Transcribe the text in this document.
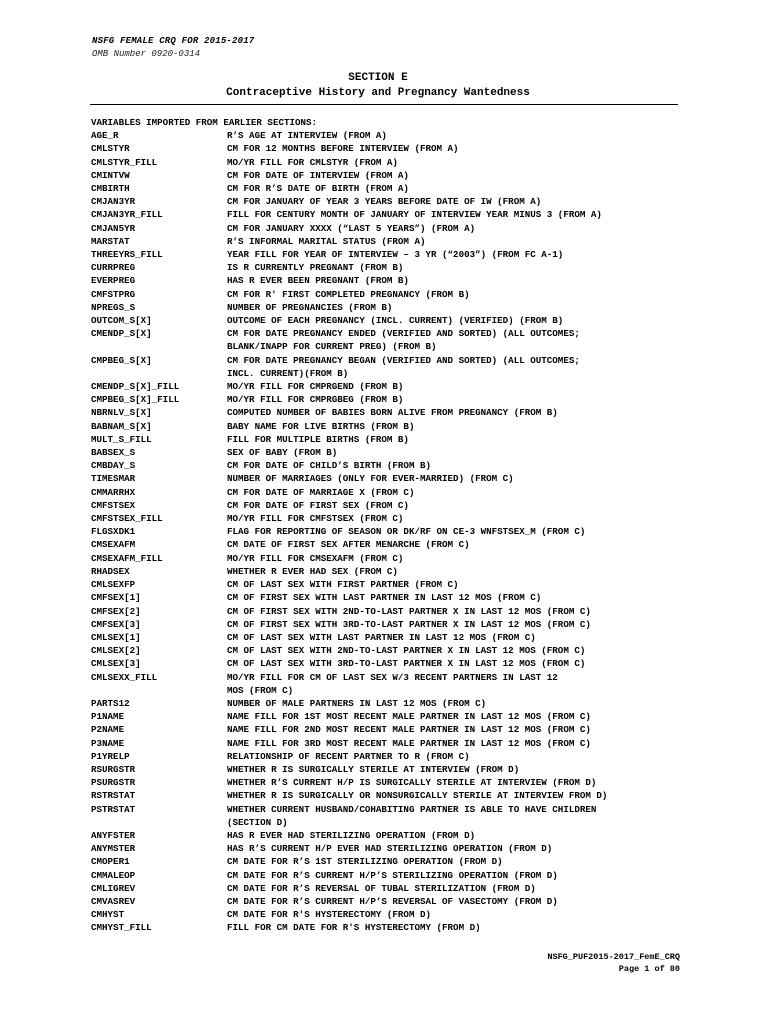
NSFG FEMALE CRQ FOR 2015-2017
OMB Number 0920-0314
SECTION E
Contraceptive History and Pregnancy Wantedness
VARIABLES IMPORTED FROM EARLIER SECTIONS:
AGE_R	R’S AGE AT INTERVIEW (FROM A)
CMLSTYR	CM FOR 12 MONTHS BEFORE INTERVIEW (FROM A)
CMLSTYR_FILL	MO/YR FILL FOR CMLSTYR (FROM A)
CMINTVW	CM FOR DATE OF INTERVIEW (FROM A)
CMBIRTH	CM FOR R’S DATE OF BIRTH (FROM A)
CMJAN3YR	CM FOR JANUARY OF YEAR 3 YEARS BEFORE DATE OF IW (FROM A)
CMJAN3YR_FILL	FILL FOR CENTURY MONTH OF JANUARY OF INTERVIEW YEAR MINUS 3 (FROM A)
CMJAN5YR	CM FOR JANUARY XXXX (“LAST 5 YEARS”) (FROM A)
MARSTAT	R’S INFORMAL MARITAL STATUS (FROM A)
THREEYRS_FILL	YEAR FILL FOR YEAR OF INTERVIEW – 3 YR (“2003”) (FROM FC A-1)
CURRPREG	IS R CURRENTLY PREGNANT (FROM B)
EVERPREG	HAS R EVER BEEN PREGNANT (FROM B)
CMFSTPRG	CM FOR R' FIRST COMPLETED PREGNANCY (FROM B)
NPREGS_S	NUMBER OF PREGNANCIES (FROM B)
OUTCOM_S[X]	OUTCOME OF EACH PREGNANCY (INCL. CURRENT) (VERIFIED) (FROM B)
CMENDP_S[X]	CM FOR DATE PREGNANCY ENDED (VERIFIED AND SORTED) (ALL OUTCOMES;
BLANK/INAPP FOR CURRENT PREG) (FROM B)
CMPBEG_S[X]	CM FOR DATE PREGNANCY BEGAN (VERIFIED AND SORTED) (ALL OUTCOMES;
INCL. CURRENT)(FROM B)
CMENDP_S[X]_FILL	MO/YR FILL FOR CMPRGEND (FROM B)
CMPBEG_S[X]_FILL	MO/YR FILL FOR CMPRGBEG (FROM B)
NBRNLV_S[X]	COMPUTED NUMBER OF BABIES BORN ALIVE FROM PREGNANCY (FROM B)
BABNAM_S[X]	BABY NAME FOR LIVE BIRTHS (FROM B)
MULT_S_FILL	FILL FOR MULTIPLE BIRTHS (FROM B)
BABSEX_S	SEX OF BABY (FROM B)
CMBDAY_S	CM FOR DATE OF CHILD’S BIRTH (FROM B)
TIMESMAR	NUMBER OF MARRIAGES (ONLY FOR EVER-MARRIED) (FROM C)
CMMARRHX	CM FOR DATE OF MARRIAGE X (FROM C)
CMFSTSEX	CM FOR DATE OF FIRST SEX (FROM C)
CMFSTSEX_FILL	MO/YR FILL FOR CMFSTSEX (FROM C)
FLGSXDK1	FLAG FOR REPORTING OF SEASON OR DK/RF ON CE-3 WNFSTSEX_M (FROM C)
CMSEXAFM	CM DATE OF FIRST SEX AFTER MENARCHE (FROM C)
CMSEXAFM_FILL	MO/YR FILL FOR CMSEXAFM (FROM C)
RHADSEX	WHETHER R EVER HAD SEX (FROM C)
CMLSEXFP	CM OF LAST SEX WITH FIRST PARTNER (FROM C)
CMFSEX[1]	CM OF FIRST SEX WITH LAST PARTNER IN LAST 12 MOS (FROM C)
CMFSEX[2]	CM OF FIRST SEX WITH 2ND-TO-LAST PARTNER X IN LAST 12 MOS (FROM C)
CMFSEX[3]	CM OF FIRST SEX WITH 3RD-TO-LAST PARTNER X IN LAST 12 MOS (FROM C)
CMLSEX[1]	CM OF LAST SEX WITH LAST PARTNER IN LAST 12 MOS (FROM C)
CMLSEX[2]	CM OF LAST SEX WITH 2ND-TO-LAST PARTNER X IN LAST 12 MOS (FROM C)
CMLSEX[3]	CM OF LAST SEX WITH 3RD-TO-LAST PARTNER X IN LAST 12 MOS (FROM C)
CMLSEXX_FILL	MO/YR FILL FOR CM OF LAST SEX W/3 RECENT PARTNERS IN LAST 12
MOS (FROM C)
PARTS12	NUMBER OF MALE PARTNERS IN LAST 12 MOS (FROM C)
P1NAME	NAME FILL FOR 1ST MOST RECENT MALE PARTNER IN LAST 12 MOS (FROM C)
P2NAME	NAME FILL FOR 2ND MOST RECENT MALE PARTNER IN LAST 12 MOS (FROM C)
P3NAME	NAME FILL FOR 3RD MOST RECENT MALE PARTNER IN LAST 12 MOS (FROM C)
P1YRELP	RELATIONSHIP OF RECENT PARTNER TO R (FROM C)
RSURGSTR	WHETHER R IS SURGICALLY STERILE AT INTERVIEW (FROM D)
PSURGSTR	WHETHER R’S CURRENT H/P IS SURGICALLY STERILE AT INTERVIEW (FROM D)
RSTRSTAT	WHETHER R IS SURGICALLY OR NONSURGICALLY STERILE AT INTERVIEW FROM D)
PSTRSTAT	WHETHER CURRENT HUSBAND/COHABITING PARTNER IS ABLE TO HAVE CHILDREN
(SECTION D)
ANYFSTER	HAS R EVER HAD STERILIZING OPERATION (FROM D)
ANYMSTER	HAS R’S CURRENT H/P EVER HAD STERILIZING OPERATION (FROM D)
CMOPER1	CM DATE FOR R’S 1ST STERILIZING OPERATION (FROM D)
CMMALEOP	CM DATE FOR R’S CURRENT H/P’S STERILIZING OPERATION (FROM D)
CMLIGREV	CM DATE FOR R’S REVERSAL OF TUBAL STERILIZATION (FROM D)
CMVASREV	CM DATE FOR R’S CURRENT H/P’S REVERSAL OF VASECTOMY (FROM D)
CMHYST	CM DATE FOR R'S HYSTERECTOMY (FROM D)
CMHYST_FILL	FILL FOR CM DATE FOR R'S HYSTERECTOMY (FROM D)
NSFG_PUF2015-2017_FemE_CRQ
Page 1 of 80
